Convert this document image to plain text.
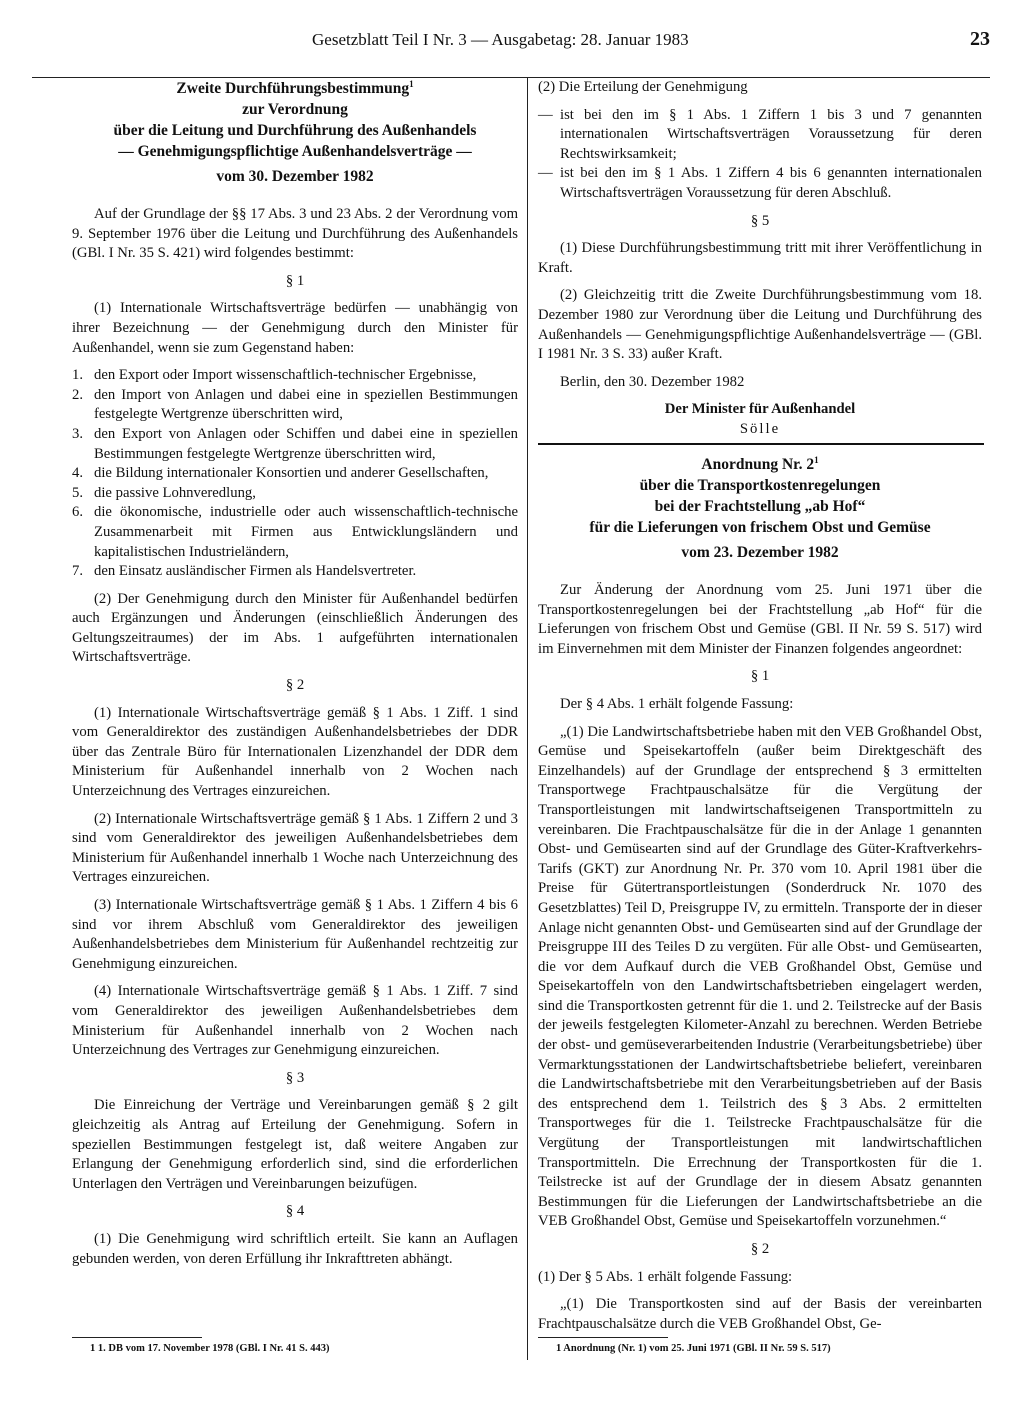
Gesetzblatt Teil I Nr. 3 — Ausgabetag: 28. Januar 1983	23
Zweite Durchführungsbestimmung$^1$
zur Verordnung
über die Leitung und Durchführung des Außenhandels
— Genehmigungspflichtige Außenhandelsverträge —
vom 30. Dezember 1982

Auf der Grundlage der §§ 17 Abs. 3 und 23 Abs. 2 der Verordnung vom 9. September 1976 über die Leitung und Durchführung des Außenhandels (GBl. I Nr. 35 S. 421) wird folgendes bestimmt:

§ 1

(1) Internationale Wirtschaftsverträge bedürfen — unabhängig von ihrer Bezeichnung — der Genehmigung durch den Minister für Außenhandel, wenn sie zum Gegenstand haben:

1. den Export oder Import wissenschaftlich-technischer Ergebnisse,
2. den Import von Anlagen und dabei eine in speziellen Bestimmungen festgelegte Wertgrenze überschritten wird,
3. den Export von Anlagen oder Schiffen und dabei eine in speziellen Bestimmungen festgelegte Wertgrenze überschritten wird,
4. die Bildung internationaler Konsortien und anderer Gesellschaften,
5. die passive Lohnveredlung,
6. die ökonomische, industrielle oder auch wissenschaftlich-technische Zusammenarbeit mit Firmen aus Entwicklungsländern und kapitalistischen Industrieländern,
7. den Einsatz ausländischer Firmen als Handelsvertreter.

(2) Der Genehmigung durch den Minister für Außenhandel bedürfen auch Ergänzungen und Änderungen (einschließlich Änderungen des Geltungszeitraumes) der im Abs. 1 aufgeführten internationalen Wirtschaftsverträge.

§ 2

(1) Internationale Wirtschaftsverträge gemäß § 1 Abs. 1 Ziff. 1 sind vom Generaldirektor des zuständigen Außenhandelsbetriebes der DDR über das Zentrale Büro für Internationalen Lizenzhandel der DDR dem Ministerium für Außenhandel innerhalb von 2 Wochen nach Unterzeichnung des Vertrages einzureichen.

(2) Internationale Wirtschaftsverträge gemäß § 1 Abs. 1 Ziffern 2 und 3 sind vom Generaldirektor des jeweiligen Außenhandelsbetriebes dem Ministerium für Außenhandel innerhalb 1 Woche nach Unterzeichnung des Vertrages einzureichen.

(3) Internationale Wirtschaftsverträge gemäß § 1 Abs. 1 Ziffern 4 bis 6 sind vor ihrem Abschluß vom Generaldirektor des jeweiligen Außenhandelsbetriebes dem Ministerium für Außenhandel rechtzeitig zur Genehmigung einzureichen.

(4) Internationale Wirtschaftsverträge gemäß § 1 Abs. 1 Ziff. 7 sind vom Generaldirektor des jeweiligen Außenhandelsbetriebes dem Ministerium für Außenhandel innerhalb von 2 Wochen nach Unterzeichnung des Vertrages zur Genehmigung einzureichen.

§ 3

Die Einreichung der Verträge und Vereinbarungen gemäß § 2 gilt gleichzeitig als Antrag auf Erteilung der Genehmigung. Sofern in speziellen Bestimmungen festgelegt ist, daß weitere Angaben zur Erlangung der Genehmigung erforderlich sind, sind die erforderlichen Unterlagen den Verträgen und Vereinbarungen beizufügen.

§ 4

(1) Die Genehmigung wird schriftlich erteilt. Sie kann an Auflagen gebunden werden, von deren Erfüllung ihr Inkrafttreten abhängt.

1 1. DB vom 17. November 1978 (GBl. I Nr. 41 S. 443)

(2) Die Erteilung der Genehmigung

— ist bei den im § 1 Abs. 1 Ziffern 1 bis 3 und 7 genannten internationalen Wirtschaftsverträgen Voraussetzung für deren Rechtswirksamkeit;
— ist bei den im § 1 Abs. 1 Ziffern 4 bis 6 genannten internationalen Wirtschaftsverträgen Voraussetzung für deren Abschluß.
§ 5

(1) Diese Durchführungsbestimmung tritt mit ihrer Veröffentlichung in Kraft.

(2) Gleichzeitig tritt die Zweite Durchführungsbestimmung vom 18. Dezember 1980 zur Verordnung über die Leitung und Durchführung des Außenhandels — Genehmigungspflichtige Außenhandelsverträge — (GBl. I 1981 Nr. 3 S. 33) außer Kraft.

Berlin, den 30. Dezember 1982

Der Minister für Außenhandel
Sölle
Anordnung Nr. $2^1$
über die Transportkostenregelungen
bei der Frachtstellung „ab Hof“
für die Lieferungen von frischem Obst und Gemüse
vom 23. Dezember 1982

Zur Änderung der Anordnung vom 25. Juni 1971 über die Transportkostenregelungen bei der Frachtstellung „ab Hof“ für die Lieferungen von frischem Obst und Gemüse (GBl. II Nr. 59 S. 517) wird im Einvernehmen mit dem Minister der Finanzen folgendes angeordnet:

§ 1

Der § 4 Abs. 1 erhält folgende Fassung:

„(1) Die Landwirtschaftsbetriebe haben mit den VEB Großhandel Obst, Gemüse und Speisekartoffeln (außer beim Direktgeschäft des Einzelhandels) auf der Grundlage der entsprechend § 3 ermittelten Transportwege Frachtpauschalsätze für die Vergütung der Transportleistungen mit landwirtschaftseigenen Transportmitteln zu vereinbaren. Die Frachtpauschalsätze für die in der Anlage 1 genannten Obst- und Gemüsearten sind auf der Grundlage des Güter-Kraftverkehrs-Tarifs (GKT) zur Anordnung Nr. Pr. 370 vom 10. April 1981 über die Preise für Gütertransportleistungen (Sonderdruck Nr. 1070 des Gesetzblattes) Teil D, Preisgruppe IV, zu ermitteln. Transporte der in dieser Anlage nicht genannten Obst- und Gemüsearten sind auf der Grundlage der Preisgruppe III des Teiles D zu vergüten. Für alle Obst- und Gemüsearten, die vor dem Aufkauf durch die VEB Großhandel Obst, Gemüse und Speisekartoffeln von den Landwirtschaftsbetrieben eingelagert werden, sind die Transportkosten getrennt für die 1. und 2. Teilstrecke auf der Basis der jeweils festgelegten Kilometer-Anzahl zu berechnen. Werden Betriebe der obst- und gemüseverarbeitenden Industrie (Verarbeitungsbetriebe) über Vermarktungsstationen der Landwirtschaftsbetriebe beliefert, vereinbaren die Landwirtschaftsbetriebe mit den Verarbeitungsbetrieben auf der Basis des entsprechend dem 1. Teilstrich des § 3 Abs. 2 ermittelten Transportweges für die 1. Teilstrecke Frachtpauschalsätze für die Vergütung der Transportleistungen mit landwirtschaftlichen Transportmitteln. Die Errechnung der Transportkosten für die 1. Teilstrecke ist auf der Grundlage der in diesem Absatz genannten Bestimmungen für die Lieferungen der Landwirtschaftsbetriebe an die VEB Großhandel Obst, Gemüse und Speisekartoffeln vorzunehmen.“

§ 2

(1) Der § 5 Abs. 1 erhält folgende Fassung:

„(1) Die Transportkosten sind auf der Basis der vereinbarten Frachtpauschalsätze durch die VEB Großhandel Obst, Ge-

1 Anordnung (Nr. 1) vom 25. Juni 1971 (GBl. II Nr. 59 S. 517)
